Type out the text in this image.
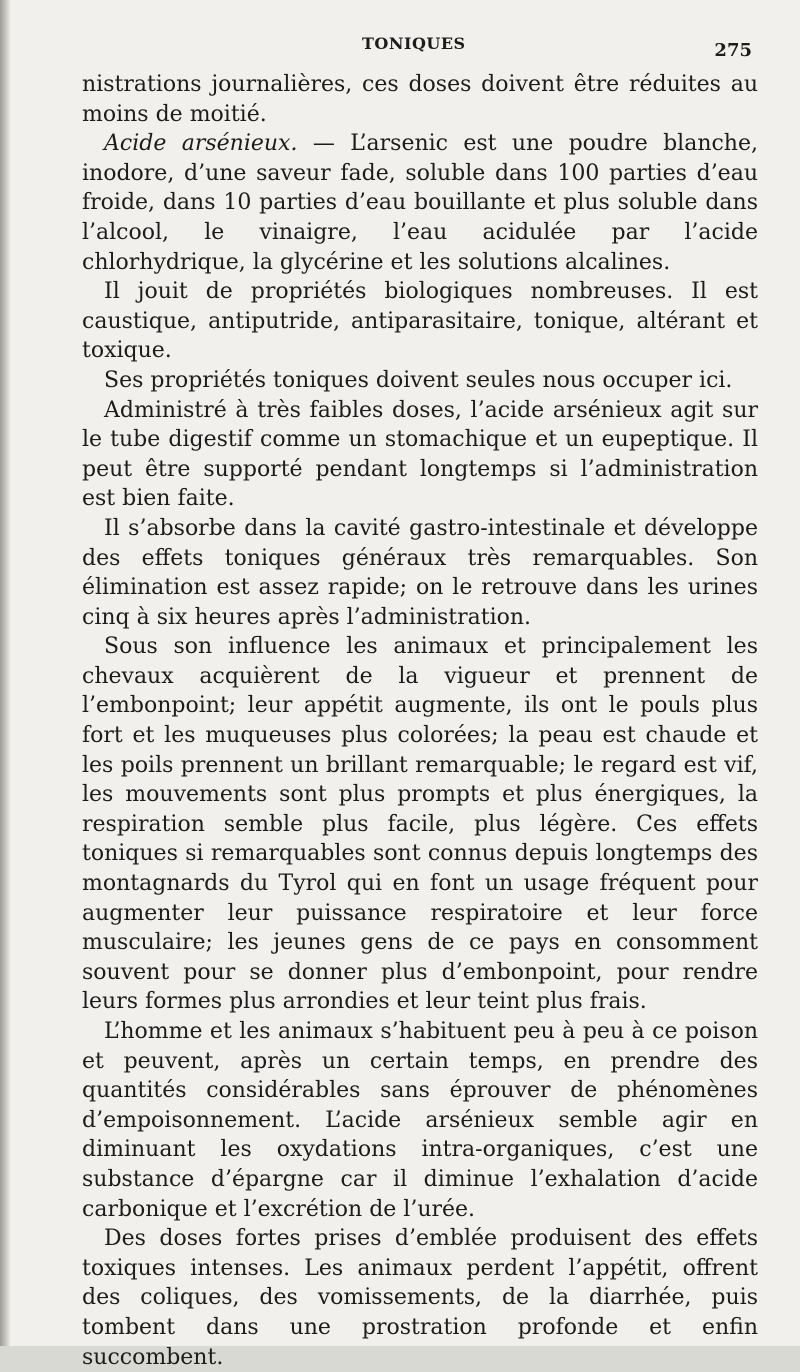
TONIQUES	275

nistrations journalières, ces doses doivent être réduites au moins de moitié.

Acide arsénieux. — L’arsenic est une poudre blanche, inodore, d’une saveur fade, soluble dans 100 parties d’eau froide, dans 10 parties d’eau bouillante et plus soluble dans l’alcool, le vinaigre, l’eau acidulée par l’acide chlorhydrique, la glycérine et les solutions alcalines.

Il jouit de propriétés biologiques nombreuses. Il est caustique, antiputride, antiparasitaire, tonique, altérant et toxique.

Ses propriétés toniques doivent seules nous occuper ici.

Administré à très faibles doses, l’acide arsénieux agit sur le tube digestif comme un stomachique et un eupeptique. Il peut être supporté pendant longtemps si l’administration est bien faite.

Il s’absorbe dans la cavité gastro-intestinale et développe des effets toniques généraux très remarquables. Son élimination est assez rapide; on le retrouve dans les urines cinq à six heures après l’administration.

Sous son influence les animaux et principalement les chevaux acquièrent de la vigueur et prennent de l’embonpoint; leur appétit augmente, ils ont le pouls plus fort et les muqueuses plus colorées; la peau est chaude et les poils prennent un brillant remarquable; le regard est vif, les mouvements sont plus prompts et plus énergiques, la respiration semble plus facile, plus légère. Ces effets toniques si remarquables sont connus depuis longtemps des montagnards du Tyrol qui en font un usage fréquent pour augmenter leur puissance respiratoire et leur force musculaire; les jeunes gens de ce pays en consomment souvent pour se donner plus d’embonpoint, pour rendre leurs formes plus arrondies et leur teint plus frais.

L’homme et les animaux s’habituent peu à peu à ce poison et peuvent, après un certain temps, en prendre des quantités considérables sans éprouver de phénomènes d’empoisonnement. L’acide arsénieux semble agir en diminuant les oxydations intra-organiques, c’est une substance d’épargne car il diminue l’exhalation d’acide carbonique et l’excrétion de l’urée.

Des doses fortes prises d’emblée produisent des effets toxiques intenses. Les animaux perdent l’appétit, offrent des coliques, des vomissements, de la diarrhée, puis tombent dans une prostration profonde et enfin succombent.
